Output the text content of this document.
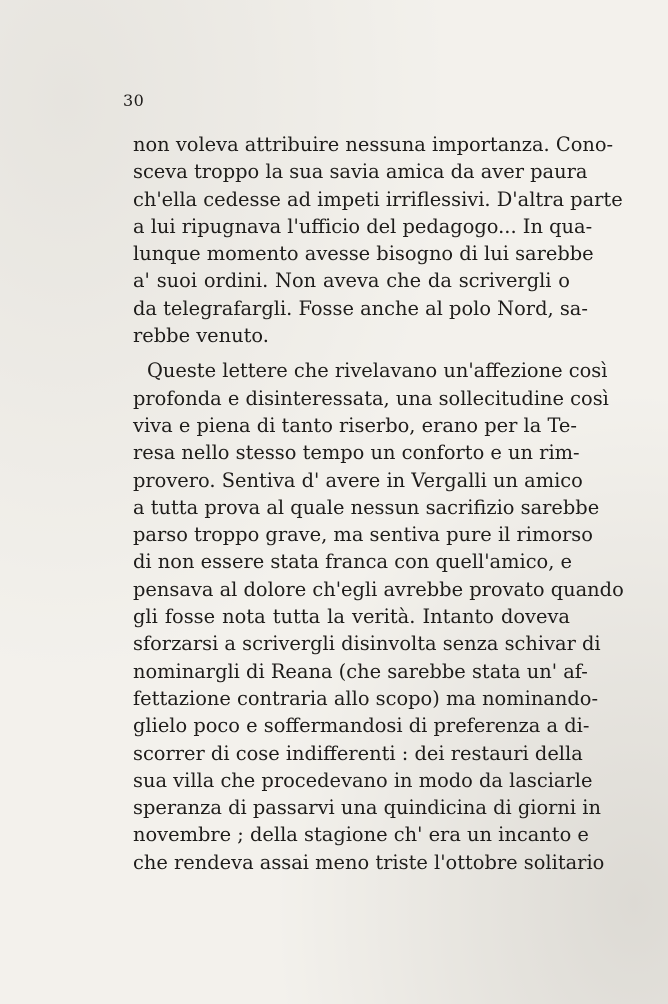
30
non voleva attribuire nessuna importanza. Cono-
sceva troppo la sua savia amica da aver paura
ch'ella cedesse ad impeti irriflessivi. D'altra parte
a lui ripugnava l'ufficio del pedagogo... In qua-
lunque momento avesse bisogno di lui sarebbe
a' suoi ordini. Non aveva che da scrivergli o
da telegrafargli. Fosse anche al polo Nord, sa-
rebbe venuto.
Queste lettere che rivelavano un'affezione così
profonda e disinteressata, una sollecitudine così
viva e piena di tanto riserbo, erano per la Te-
resa nello stesso tempo un conforto e un rim-
provero. Sentiva d' avere in Vergalli un amico
a tutta prova al quale nessun sacrifizio sarebbe
parso troppo grave, ma sentiva pure il rimorso
di non essere stata franca con quell'amico, e
pensava al dolore ch'egli avrebbe provato quando
gli fosse nota tutta la verità. Intanto doveva
sforzarsi a scrivergli disinvolta senza schivar di
nominargli di Reana (che sarebbe stata un' af-
fettazione contraria allo scopo) ma nominando-
glielo poco e soffermandosi di preferenza a di-
scorrer di cose indifferenti : dei restauri della
sua villa che procedevano in modo da lasciarle
speranza di passarvi una quindicina di giorni in
novembre ; della stagione ch' era un incanto e
che rendeva assai meno triste l'ottobre solitario
